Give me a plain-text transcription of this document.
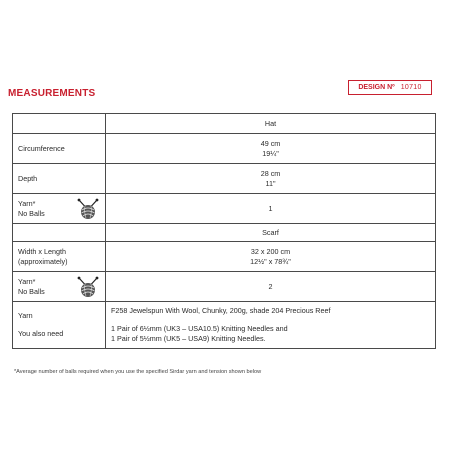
MEASUREMENTS
DESIGN Nº 10710
	Hat
Circumference	49 cm
19¼"

Depth	28 cm
11"

Yarn*
No Balls	1
	Scarf

Width x Length
(approximately)	32 x 200 cm
12½" x 78¾"

Yarn*
No Balls	2

Yarn
You also need	F258 Jewelspun With Wool, Chunky, 200g, shade 204 Precious Reef
1 Pair of 6½mm (UK3 – USA10.5) Knitting Needles and
1 Pair of 5½mm (UK5 – USA9) Knitting Needles.
*Average number of balls required when you use the specified Sirdar yarn and tension shown below
